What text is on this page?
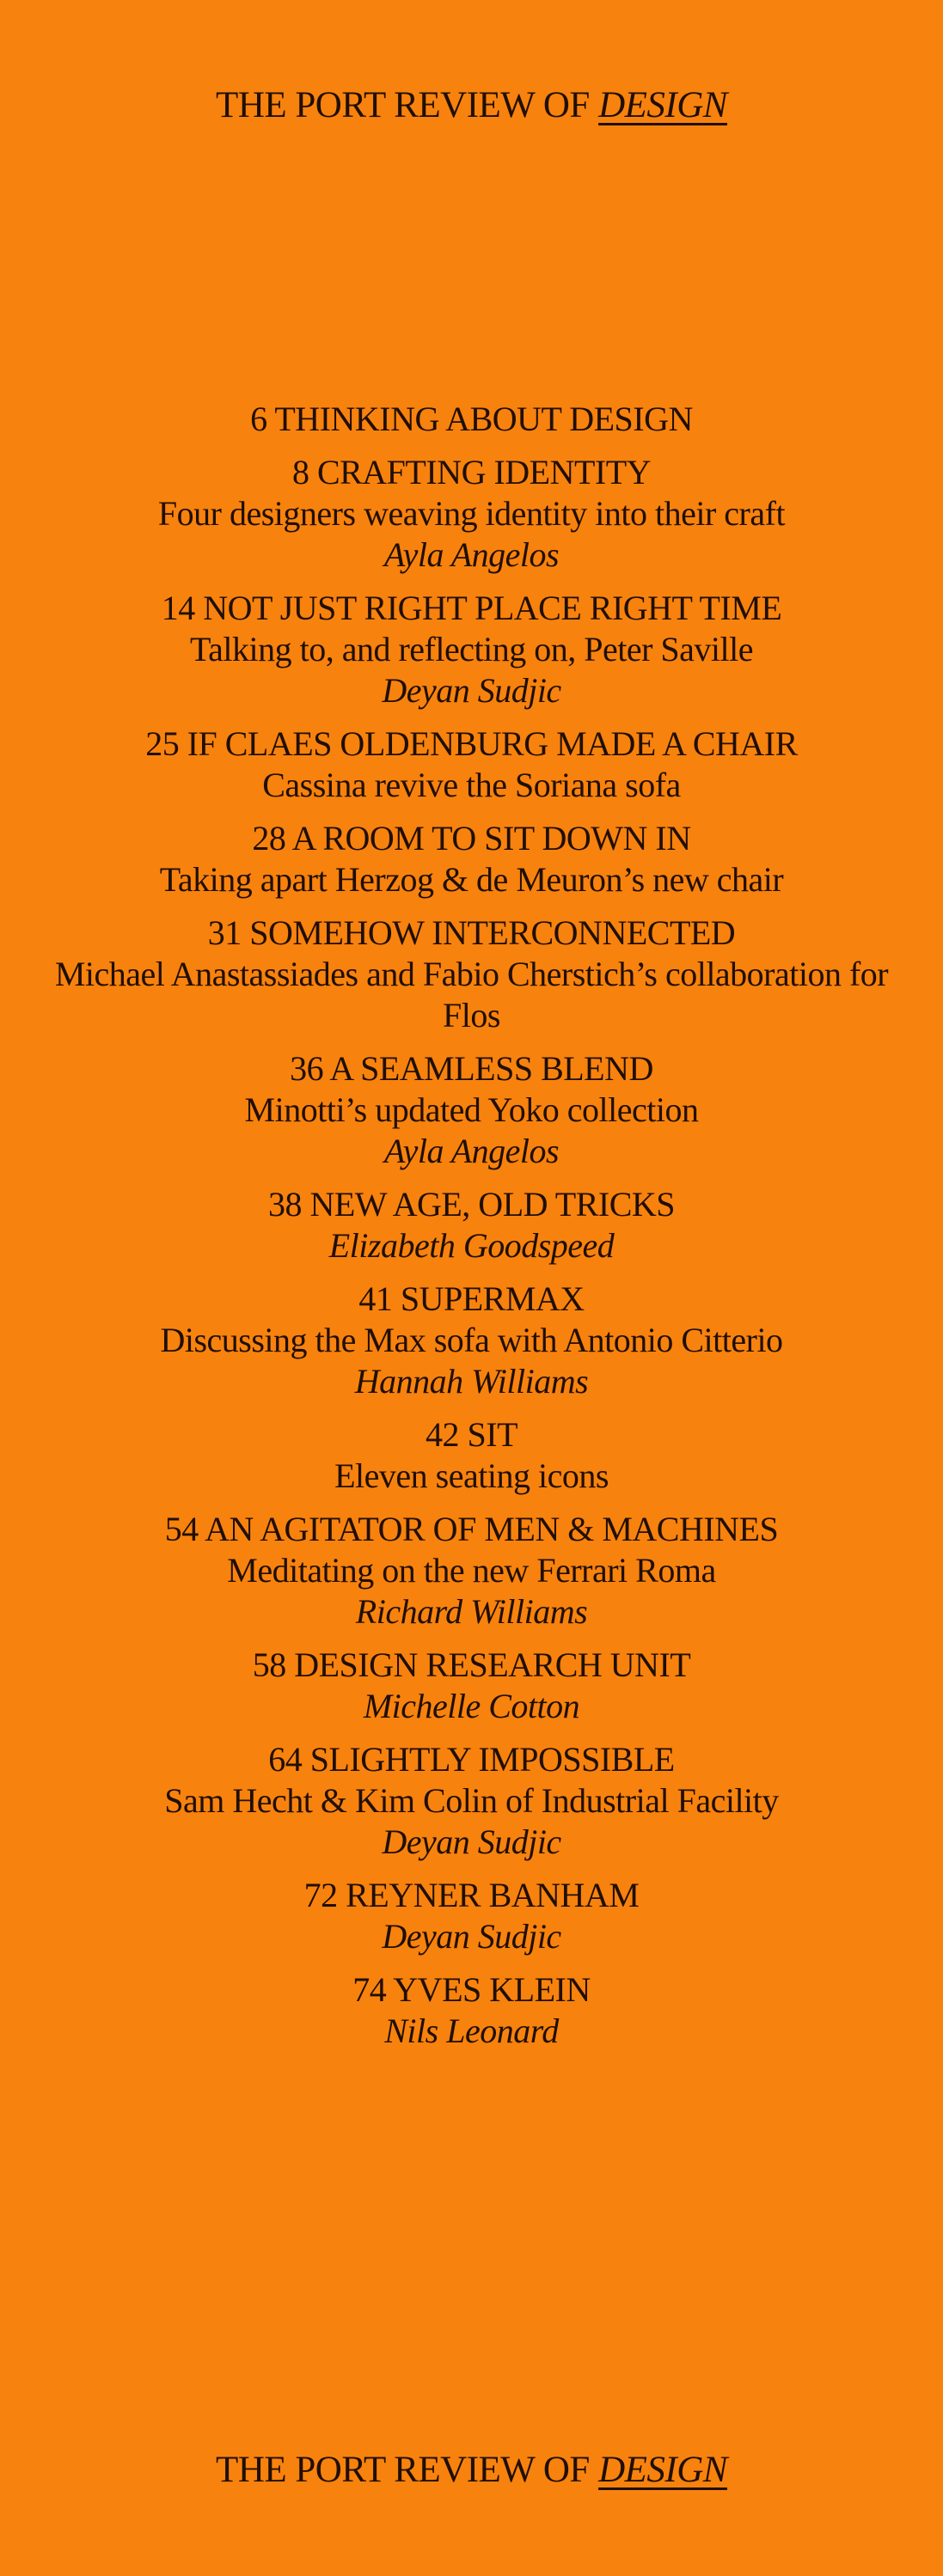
THE PORT REVIEW OF DESIGN
6 THINKING ABOUT DESIGN
8 CRAFTING IDENTITY
Four designers weaving identity into their craft
Ayla Angelos
14 NOT JUST RIGHT PLACE RIGHT TIME
Talking to, and reflecting on, Peter Saville
Deyan Sudjic
25 IF CLAES OLDENBURG MADE A CHAIR
Cassina revive the Soriana sofa
28 A ROOM TO SIT DOWN IN
Taking apart Herzog & de Meuron’s new chair
31 SOMEHOW INTERCONNECTED
Michael Anastassiades and Fabio Cherstich’s collaboration for Flos
36 A SEAMLESS BLEND
Minotti’s updated Yoko collection
Ayla Angelos
38 NEW AGE, OLD TRICKS
Elizabeth Goodspeed
41 SUPERMAX
Discussing the Max sofa with Antonio Citterio
Hannah Williams
42 SIT
Eleven seating icons
54 AN AGITATOR OF MEN & MACHINES
Meditating on the new Ferrari Roma
Richard Williams
58 DESIGN RESEARCH UNIT
Michelle Cotton
64 SLIGHTLY IMPOSSIBLE
Sam Hecht & Kim Colin of Industrial Facility
Deyan Sudjic
72 REYNER BANHAM
Deyan Sudjic
74 YVES KLEIN
Nils Leonard
THE PORT REVIEW OF DESIGN
